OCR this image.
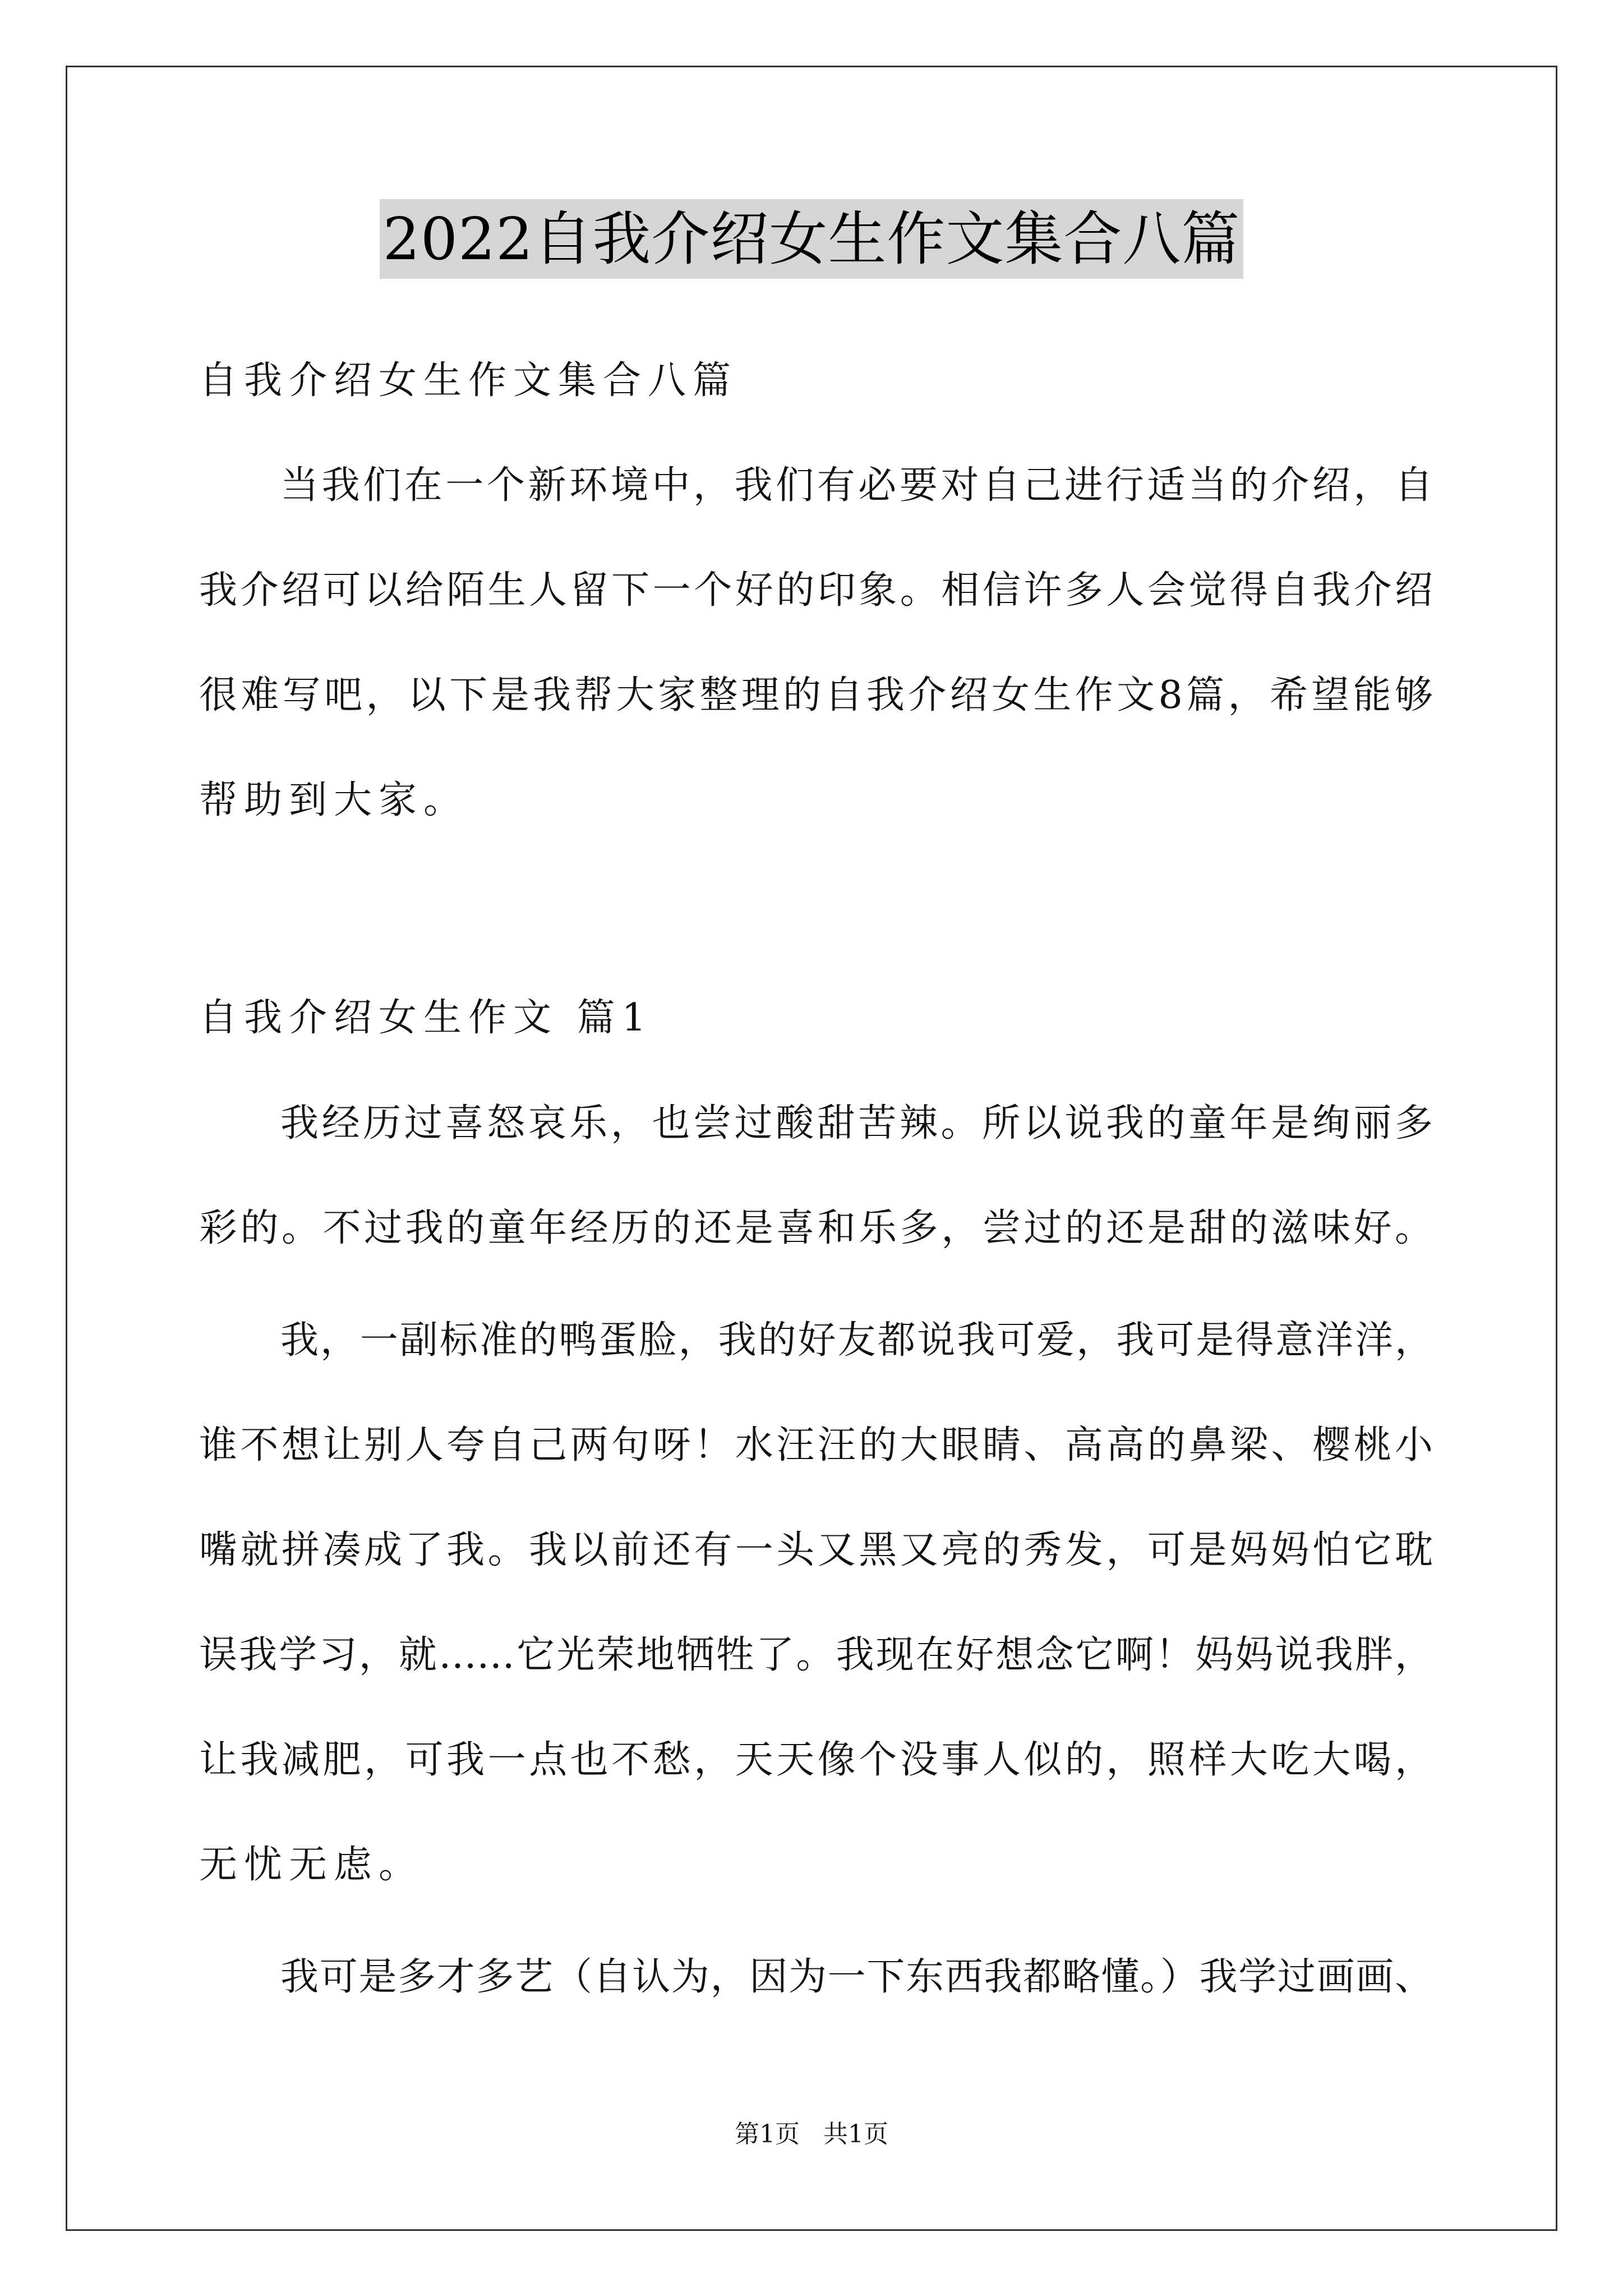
2022自我介绍女生作文集合八篇
自我介绍女生作文集合八篇
当我们在一个新环境中，我们有必要对自己进行适当的介绍，自
我介绍可以给陌生人留下一个好的印象。相信许多人会觉得自我介绍
很难写吧，以下是我帮大家整理的自我介绍女生作文8篇，希望能够
帮助到大家。
自我介绍女生作文 篇1
我经历过喜怒哀乐，也尝过酸甜苦辣。所以说我的童年是绚丽多
彩的。不过我的童年经历的还是喜和乐多，尝过的还是甜的滋味好。
我，一副标准的鸭蛋脸，我的好友都说我可爱，我可是得意洋洋，
谁不想让别人夸自己两句呀！水汪汪的大眼睛、高高的鼻梁、樱桃小
嘴就拼凑成了我。我以前还有一头又黑又亮的秀发，可是妈妈怕它耽
误我学习，就……它光荣地牺牲了。我现在好想念它啊！妈妈说我胖，
让我减肥，可我一点也不愁，天天像个没事人似的，照样大吃大喝，
无忧无虑。
我可是多才多艺（自认为，因为一下东西我都略懂。）我学过画画、
第1页 共1页
